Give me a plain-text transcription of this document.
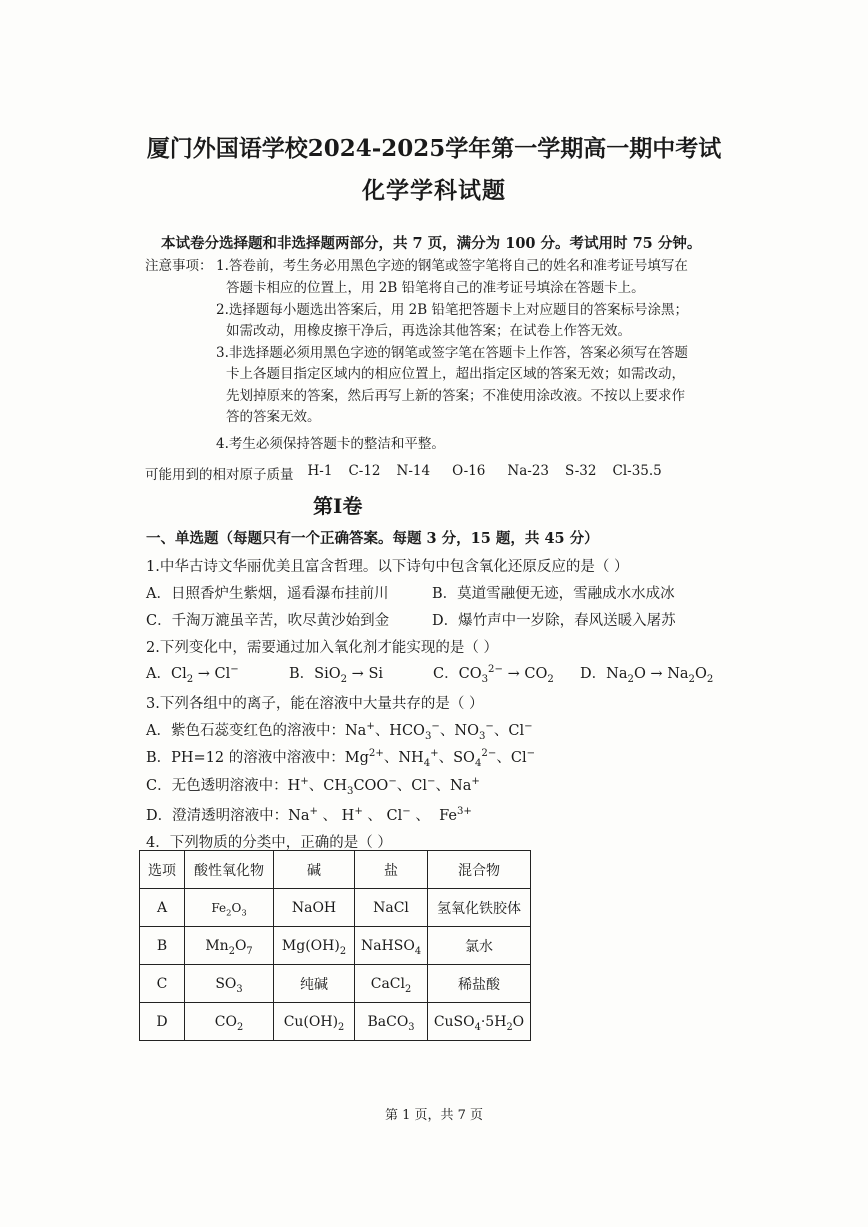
厦门外国语学校2024-2025学年第一学期高一期中考试
化学学科试题
本试卷分选择题和非选择题两部分，共 7 页，满分为 100 分。考试用时 75 分钟。
注意事项： 1.答卷前，考生务必用黑色字迹的钢笔或签字笔将自己的姓名和准考证号填写在
答题卡相应的位置上，用 2B 铅笔将自己的准考证号填涂在答题卡上。
2.选择题每小题选出答案后，用 2B 铅笔把答题卡上对应题目的答案标号涂黑；
如需改动，用橡皮擦干净后，再选涂其他答案；在试卷上作答无效。
3.非选择题必须用黑色字迹的钢笔或签字笔在答题卡上作答，答案必须写在答题
卡上各题目指定区域内的相应位置上，超出指定区域的答案无效；如需改动，
先划掉原来的答案，然后再写上新的答案；不准使用涂改液。不按以上要求作
答的答案无效。
4.考生必须保持答题卡的整洁和平整。
可能用到的相对原子质量 H-1 C-12 N-14 O-16 Na-23 S-32 Cl-35.5
第Ⅰ卷
一、单选题（每题只有一个正确答案。每题 3 分，15 题，共 45 分）
1.中华古诗文华丽优美且富含哲理。以下诗句中包含氧化还原反应的是（ ）
A．日照香炉生紫烟，遥看瀑布挂前川	B．莫道雪融便无迹，雪融成水水成冰
C．千淘万漉虽辛苦，吹尽黄沙始到金	D．爆竹声中一岁除，春风送暖入屠苏
2.下列变化中，需要通过加入氧化剂才能实现的是（ ）
A．$Cl_2 \to Cl^-$	B．SiO$_2$ → Si	C．$CO_3^{2-} \to CO_2$ D．$Na_2O \to Na_2O_2$
3.下列各组中的离子，能在溶液中大量共存的是（ ）
A．紫色石蕊变红色的溶液中：Na+、$HCO_3^-$、$NO_3^-$、Cl−
B．PH=12 的溶液中溶液中：$Mg^{2+}$、$NH_4^+$、$SO_4^{2-}$、Cl−
C．无色透明溶液中：H+、$CH_3COO^-$、Cl−、Na+
D．澄清透明溶液中：Na+ 、 H+ 、 Cl− 、  $Fe^{3+}$
4．下列物质的分类中，正确的是（ ）
选项	酸性氧化物	碱	盐	混合物
A	$Fe_2O_3$	NaOH	NaCl	氢氧化铁胶体
B	$Mn_2O_7$	$Mg(OH)_2$	NaHSO$_4$	氯水
C	$SO_3$	纯碱	CaCl$_2$	稀盐酸
D	$CO_2$	$Cu(OH)_2$	BaCO$_3$	$CuSO_4\cdot 5H_2O$
第 1 页，共 7 页
